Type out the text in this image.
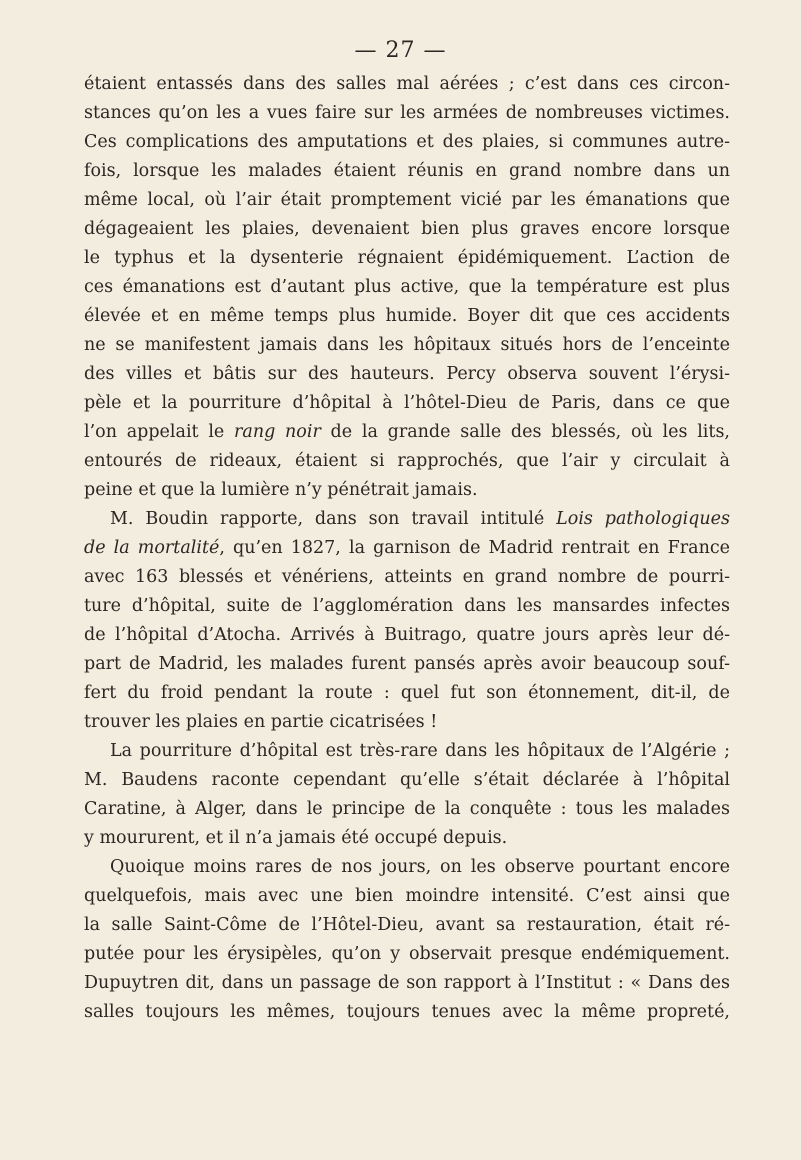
— 27 —
étaient entassés dans des salles mal aérées ; c’est dans ces circon-
stances qu’on les a vues faire sur les armées de nombreuses victimes.
Ces complications des amputations et des plaies, si communes autre-
fois, lorsque les malades étaient réunis en grand nombre dans un
même local, où l’air était promptement vicié par les émanations que
dégageaient les plaies, devenaient bien plus graves encore lorsque
le typhus et la dysenterie régnaient épidémiquement. L’action de
ces émanations est d’autant plus active, que la température est plus
élevée et en même temps plus humide. Boyer dit que ces accidents
ne se manifestent jamais dans les hôpitaux situés hors de l’enceinte
des villes et bâtis sur des hauteurs. Percy observa souvent l’érysi-
pèle et la pourriture d’hôpital à l’hôtel-Dieu de Paris, dans ce que
l’on appelait le rang noir de la grande salle des blessés, où les lits,
entourés de rideaux, étaient si rapprochés, que l’air y circulait à
peine et que la lumière n’y pénétrait jamais.
M. Boudin rapporte, dans son travail intitulé Lois pathologiques
de la mortalité, qu’en 1827, la garnison de Madrid rentrait en France
avec 163 blessés et vénériens, atteints en grand nombre de pourri-
ture d’hôpital, suite de l’agglomération dans les mansardes infectes
de l’hôpital d’Atocha. Arrivés à Buitrago, quatre jours après leur dé-
part de Madrid, les malades furent pansés après avoir beaucoup souf-
fert du froid pendant la route : quel fut son étonnement, dit-il, de
trouver les plaies en partie cicatrisées !
La pourriture d’hôpital est très-rare dans les hôpitaux de l’Algérie ;
M. Baudens raconte cependant qu’elle s’était déclarée à l’hôpital
Caratine, à Alger, dans le principe de la conquête : tous les malades
y moururent, et il n’a jamais été occupé depuis.
Quoique moins rares de nos jours, on les observe pourtant encore
quelquefois, mais avec une bien moindre intensité. C’est ainsi que
la salle Saint-Côme de l’Hôtel-Dieu, avant sa restauration, était ré-
putée pour les érysipèles, qu’on y observait presque endémiquement.
Dupuytren dit, dans un passage de son rapport à l’Institut : « Dans des
salles toujours les mêmes, toujours tenues avec la même propreté,
